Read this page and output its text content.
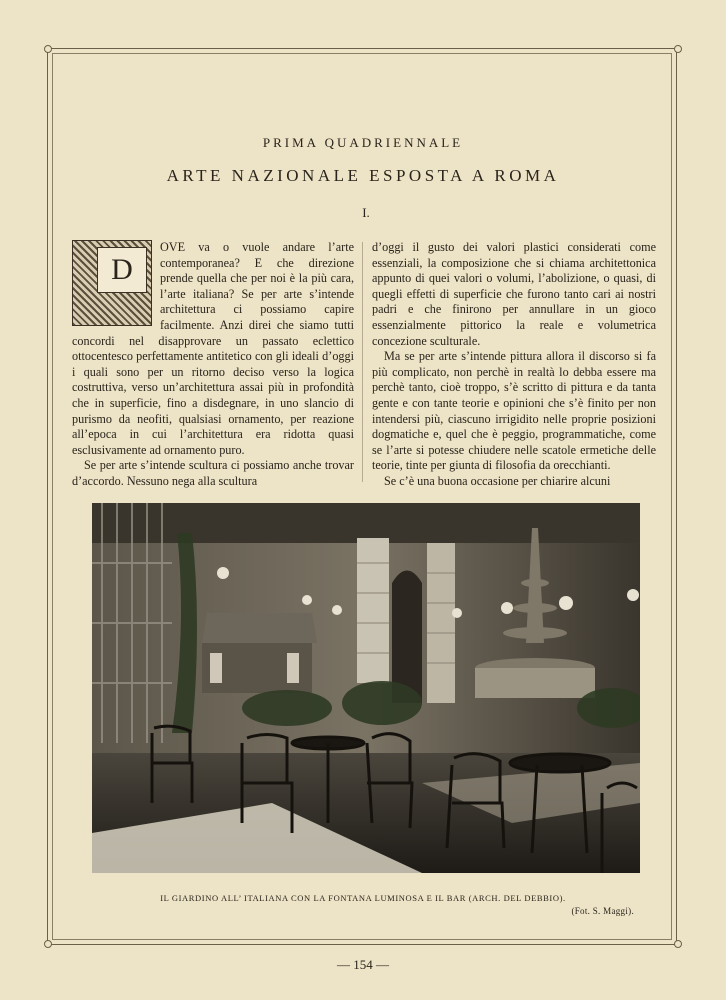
PRIMA QUADRIENNALE
ARTE NAZIONALE ESPOSTA A ROMA
I.
D

OVE va o vuole andare l’arte contemporanea? E che direzione prende quella che per noi è la più cara, l’arte italiana? Se per arte s’intende architettura ci possiamo capire facilmente. Anzi direi che siamo tutti concordi nel disapprovare un passato eclettico ottocentesco perfettamente antitetico con gli ideali d’oggi i quali sono per un ritorno deciso verso la logica costruttiva, verso un’architettura assai più in profondità che in superficie, fino a disdegnare, in uno slancio di purismo da neofiti, qualsiasi ornamento, per reazione all’epoca in cui l’architettura era ridotta quasi esclusivamente ad ornamento puro.

Se per arte s’intende scultura ci possiamo anche trovar d’accordo. Nessuno nega alla scultura

d’oggi il gusto dei valori plastici considerati come essenziali, la composizione che si chiama architettonica appunto di quei valori o volumi, l’abolizione, o quasi, di quegli effetti di superficie che furono tanto cari ai nostri padri e che finirono per annullare in un gioco essenzialmente pittorico la reale e volumetrica concezione sculturale.

Ma se per arte s’intende pittura allora il discorso si fa più complicato, non perchè in realtà lo debba essere ma perchè tanto, cioè troppo, s’è scritto di pittura e da tanta gente e con tante teorie e opinioni che s’è finito per non intendersi più, ciascuno irrigidito nelle proprie posizioni dogmatiche e, quel che è peggio, programmatiche, come se l’arte si potesse chiudere nelle scatole ermetiche delle teorie, tinte per giunta di filosofia da orecchianti.

Se c’è una buona occasione per chiarire alcuni

IL GIARDINO ALL’ ITALIANA CON LA FONTANA LUMINOSA E IL BAR (ARCH. DEL DEBBIO).
(Fot. S. Maggi).
— 154 —
